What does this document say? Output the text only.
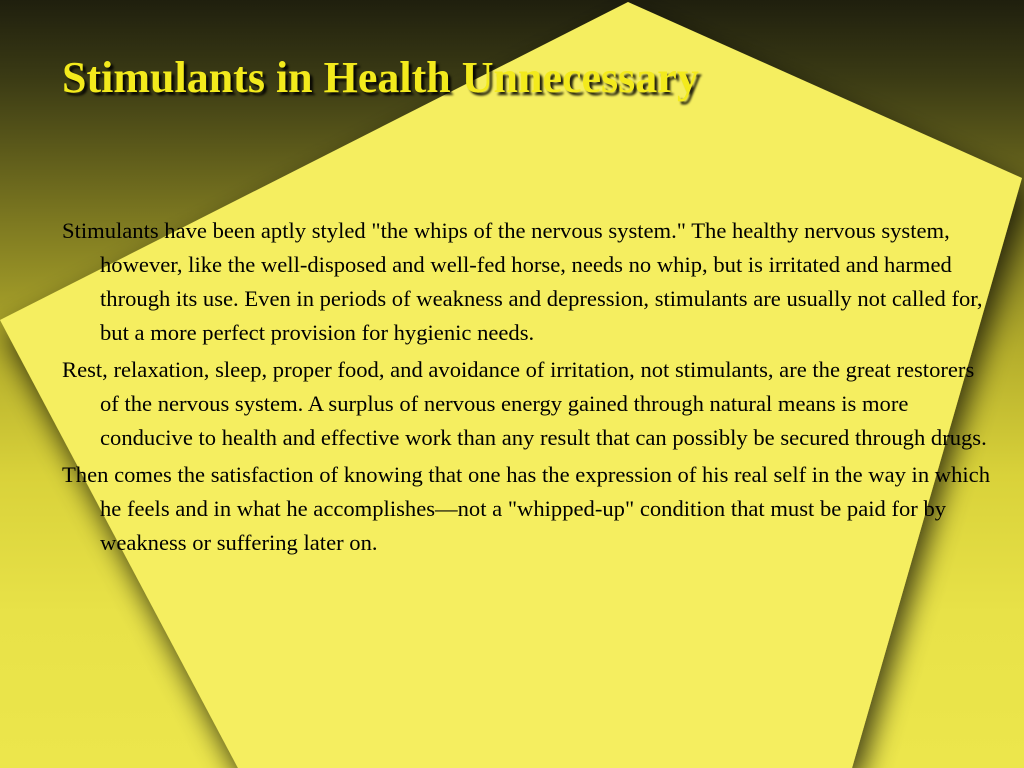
Stimulants in Health Unnecessary

Stimulants have been aptly styled "the whips of the nervous system." The healthy nervous system, however, like the well-disposed and well-fed horse, needs no whip, but is irritated and harmed through its use. Even in periods of weakness and depression, stimulants are usually not called for, but a more perfect provision for hygienic needs.

Rest, relaxation, sleep, proper food, and avoidance of irritation, not stimulants, are the great restorers of the nervous system. A surplus of nervous energy gained through natural means is more conducive to health and effective work than any result that can possibly be secured through drugs.

Then comes the satisfaction of knowing that one has the expression of his real self in the way in which he feels and in what he accomplishes—not a "whipped-up" condition that must be paid for by weakness or suffering later on.
